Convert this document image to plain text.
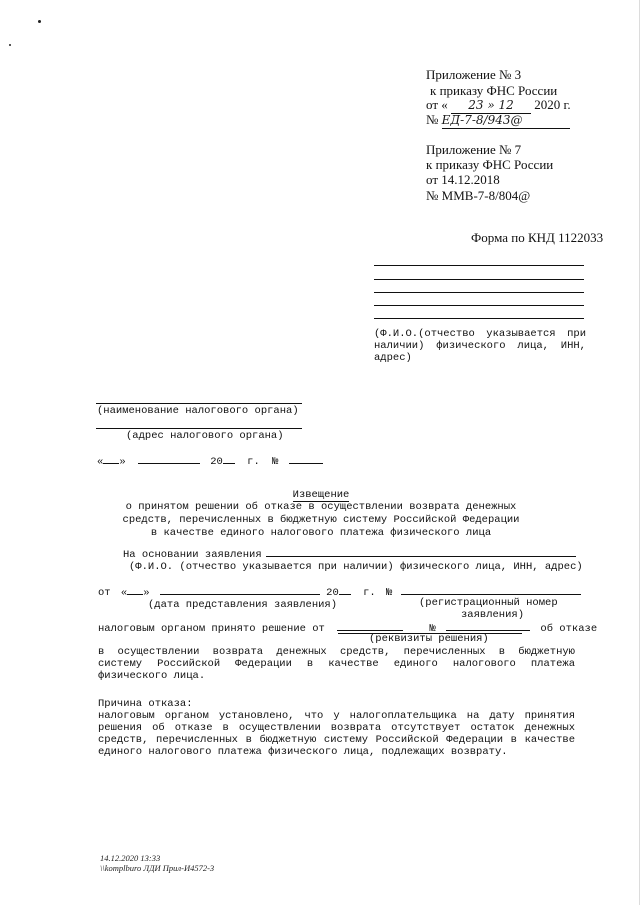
Приложение № 3
к приказу ФНС России
от « 23 » 12 2020 г.
№ ЕД-7-8/943@
Приложение № 7
к приказу ФНС России
от 14.12.2018
№ ММВ-7-8/804@
Форма по КНД 1122033
(Ф.И.О.(отчество указывается при
наличии) физического лица, ИНН,
адрес)
(наименование налогового органа)
(адрес налогового органа)
« »	20 г. №
Извещение
о принятом решении об отказе в осуществлении возврата денежных
средств, перечисленных в бюджетную систему Российской Федерации
в качестве единого налогового платежа физического лица
На основании заявления
(Ф.И.О. (отчество указывается при наличии) физического лица, ИНН, адрес)
от « »	20 г. №
(дата представления заявления)	(регистрационный номер
заявления)
налоговым органом принято решение от	№	об отказе
(реквизиты решения)
в осуществлении возврата денежных средств, перечисленных в бюджетную
систему Российской Федерации в качестве единого налогового платежа
физического лица.
Причина отказа:
налоговым органом установлено, что у налогоплательщика на дату принятия
решения об отказе в осуществлении возврата отсутствует остаток денежных
средств, перечисленных в бюджетную систему Российской Федерации в качестве
единого налогового платежа физического лица, подлежащих возврату.
14.12.2020 13:33
\\komplburo ЛДИ Прил-И4572-3
